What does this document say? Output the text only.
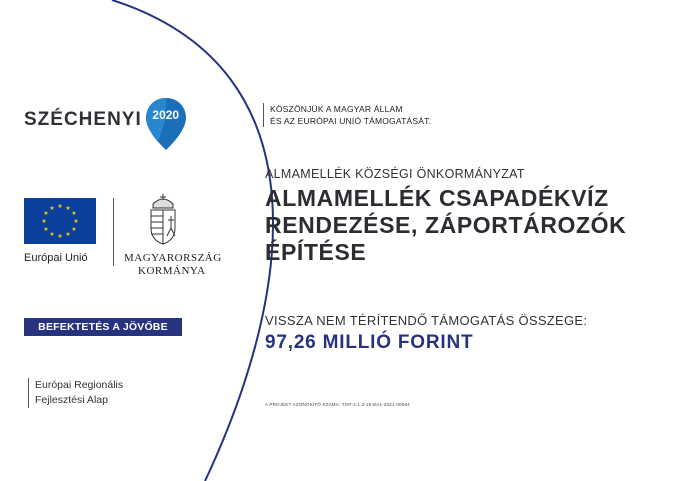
SZÉCHENYI 2020
★ ★
★
★
★
★
★
★
★
★
★
★
Európai Unió	MAGYARORSZÁG
KORMÁNYA
BEFEKTETÉS A JÖVŐBE
Európai Regionális
Fejlesztési Alap
KÖSZÖNJÜK A MAGYAR ÁLLAM
ÉS AZ EURÓPAI UNIÓ TÁMOGATÁSÁT.
ALMAMELLÉK KÖZSÉGI ÖNKORMÁNYZAT
ALMAMELLÉK CSAPADÉKVÍZ
RENDEZÉSE, ZÁPORTÁROZÓK
ÉPÍTÉSE
VISSZA NEM TÉRÍTENDŐ TÁMOGATÁS ÖSSZEGE:
97,26 MILLIÓ FORINT
A PROJEKT AZONOSÍTÓ SZÁMA: TOP-2.1.3-16-BA1-2021-00064
